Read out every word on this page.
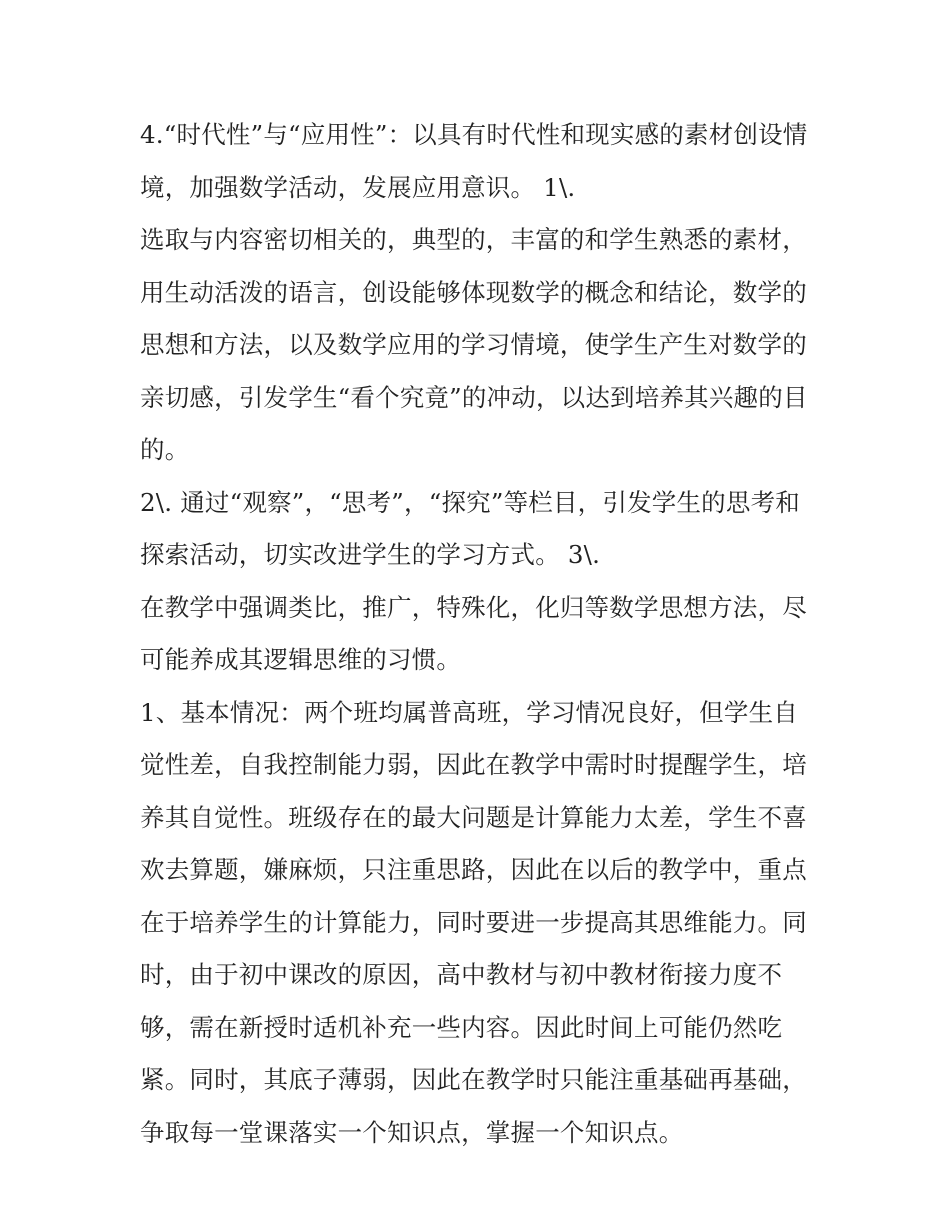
4.“时代性”与“应用性”：以具有时代性和现实感的素材创设情
境，加强数学活动，发展应用意识。 1\.
选取与内容密切相关的，典型的，丰富的和学生熟悉的素材，
用生动活泼的语言，创设能够体现数学的概念和结论，数学的
思想和方法，以及数学应用的学习情境，使学生产生对数学的
亲切感，引发学生“看个究竟”的冲动，以达到培养其兴趣的目
的。
2\. 通过“观察”，“思考”，“探究”等栏目，引发学生的思考和
探索活动，切实改进学生的学习方式。 3\.
在教学中强调类比，推广，特殊化，化归等数学思想方法，尽
可能养成其逻辑思维的习惯。
1、基本情况：两个班均属普高班，学习情况良好，但学生自
觉性差，自我控制能力弱，因此在教学中需时时提醒学生，培
养其自觉性。班级存在的最大问题是计算能力太差，学生不喜
欢去算题，嫌麻烦，只注重思路，因此在以后的教学中，重点
在于培养学生的计算能力，同时要进一步提高其思维能力。同
时，由于初中课改的原因，高中教材与初中教材衔接力度不
够，需在新授时适机补充一些内容。因此时间上可能仍然吃
紧。同时，其底子薄弱，因此在教学时只能注重基础再基础，
争取每一堂课落实一个知识点，掌握一个知识点。
